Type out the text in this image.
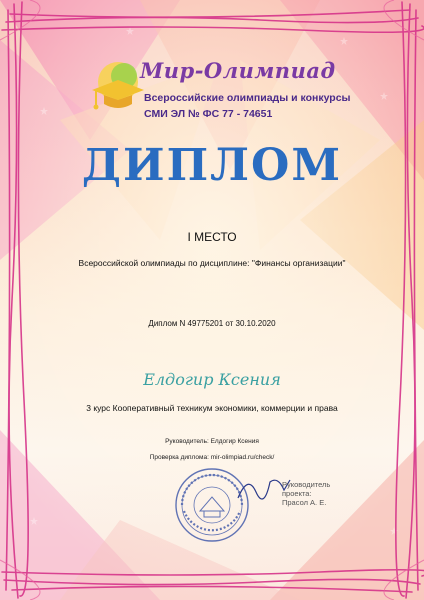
Мир-Олимпиад
Всероссийские олимпиады и конкурсы
СМИ ЭЛ № ФС 77 - 74651
ДИПЛОМ
I МЕСТО
Всероссийской олимпиады по дисциплине: "Финансы организации"
Диплом N 49775201 от 30.10.2020
Елдогир Ксения
3 курс Кооперативный техникум экономики, коммерции и права
Руководитель: Елдогир Ксения
Проверка диплома: mir-olimpiad.ru/check/
Руководитель
проекта:
Прасол А. Е.
